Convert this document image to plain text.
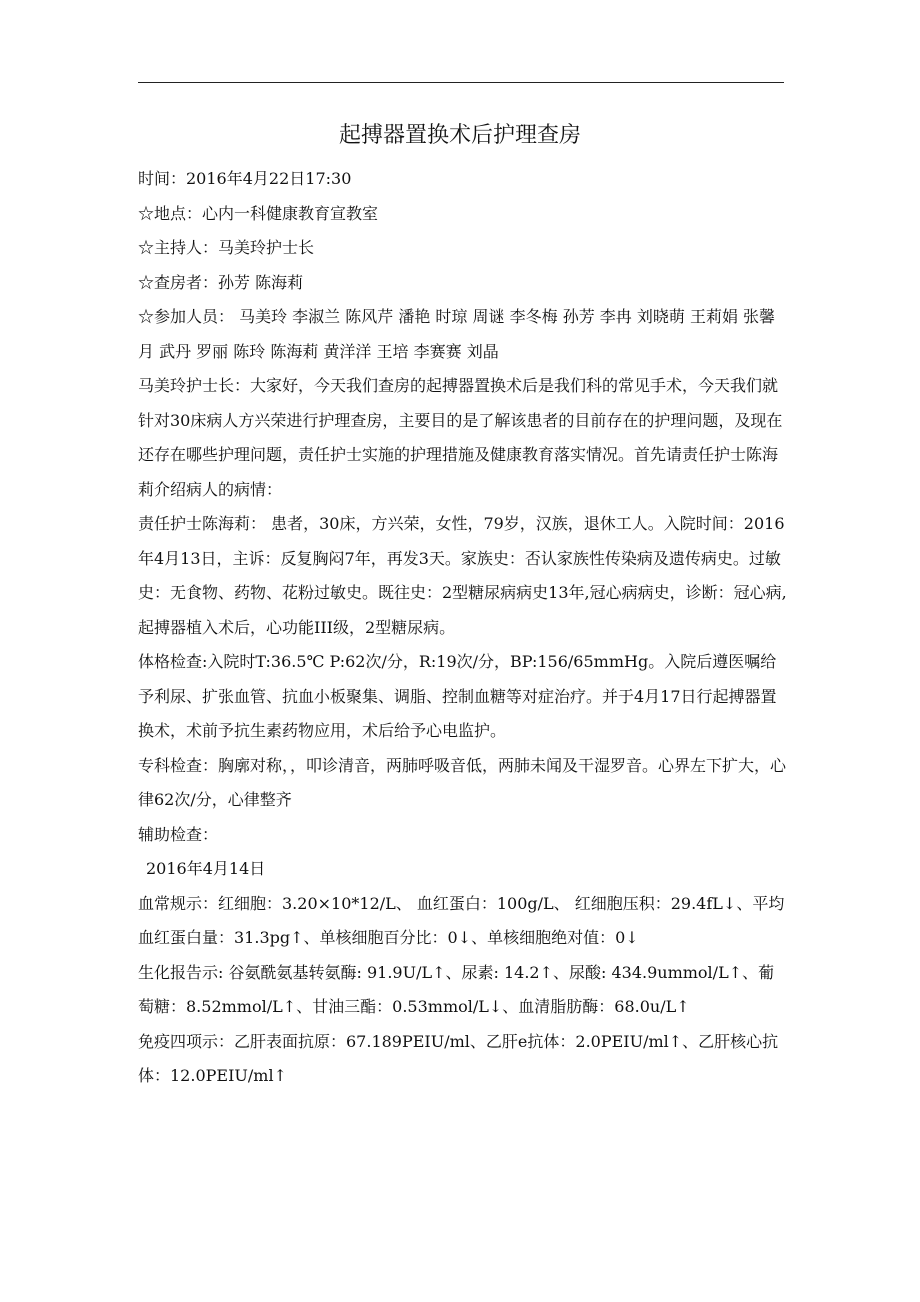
起搏器置换术后护理查房

时间：2016年4月22日17:30

☆地点：心内一科健康教育宣教室

☆主持人：马美玲护士长

☆查房者：孙芳 陈海莉

☆参加人员： 马美玲 李淑兰 陈风芹 潘艳 时琼 周谜 李冬梅 孙芳 李冉 刘晓萌 王莉娟 张馨月 武丹 罗丽 陈玲 陈海莉 黄洋洋 王培 李赛赛 刘晶

马美玲护士长：大家好，今天我们查房的起搏器置换术后是我们科的常见手术，今天我们就针对30床病人方兴荣进行护理查房，主要目的是了解该患者的目前存在的护理问题，及现在还存在哪些护理问题，责任护士实施的护理措施及健康教育落实情况。首先请责任护士陈海莉介绍病人的病情：

责任护士陈海莉： 患者，30床，方兴荣，女性，79岁，汉族，退休工人。入院时间：2016年4月13日，主诉：反复胸闷7年，再发3天。家族史：否认家族性传染病及遗传病史。过敏史：无食物、药物、花粉过敏史。既往史：2型糖尿病病史13年,冠心病病史，诊断：冠心病,起搏器植入术后，心功能III级，2型糖尿病。

体格检查:入院时T:36.5℃ P:62次/分，R:19次/分，BP:156/65mmHg。入院后遵医嘱给予利尿、扩张血管、抗血小板聚集、调脂、控制血糖等对症治疗。并于4月17日行起搏器置换术，术前予抗生素药物应用，术后给予心电监护。

专科检查：胸廓对称，，叩诊清音，两肺呼吸音低，两肺未闻及干湿罗音。心界左下扩大，心律62次/分，心律整齐

辅助检查：

2016年4月14日

血常规示：红细胞：3.20×10*12/L、 血红蛋白：100g/L、 红细胞压积：29.4fL↓、平均血红蛋白量：31.3pg↑、单核细胞百分比：0↓、单核细胞绝对值：0↓

生化报告示: 谷氨酰氨基转氨酶: 91.9U/L↑、尿素: 14.2↑、尿酸: 434.9ummol/L↑、葡萄糖：8.52mmol/L↑、甘油三酯：0.53mmol/L↓、血清脂肪酶：68.0u/L↑

免疫四项示：乙肝表面抗原：67.189PEIU/ml、乙肝e抗体：2.0PEIU/ml↑、乙肝核心抗体：12.0PEIU/ml↑
